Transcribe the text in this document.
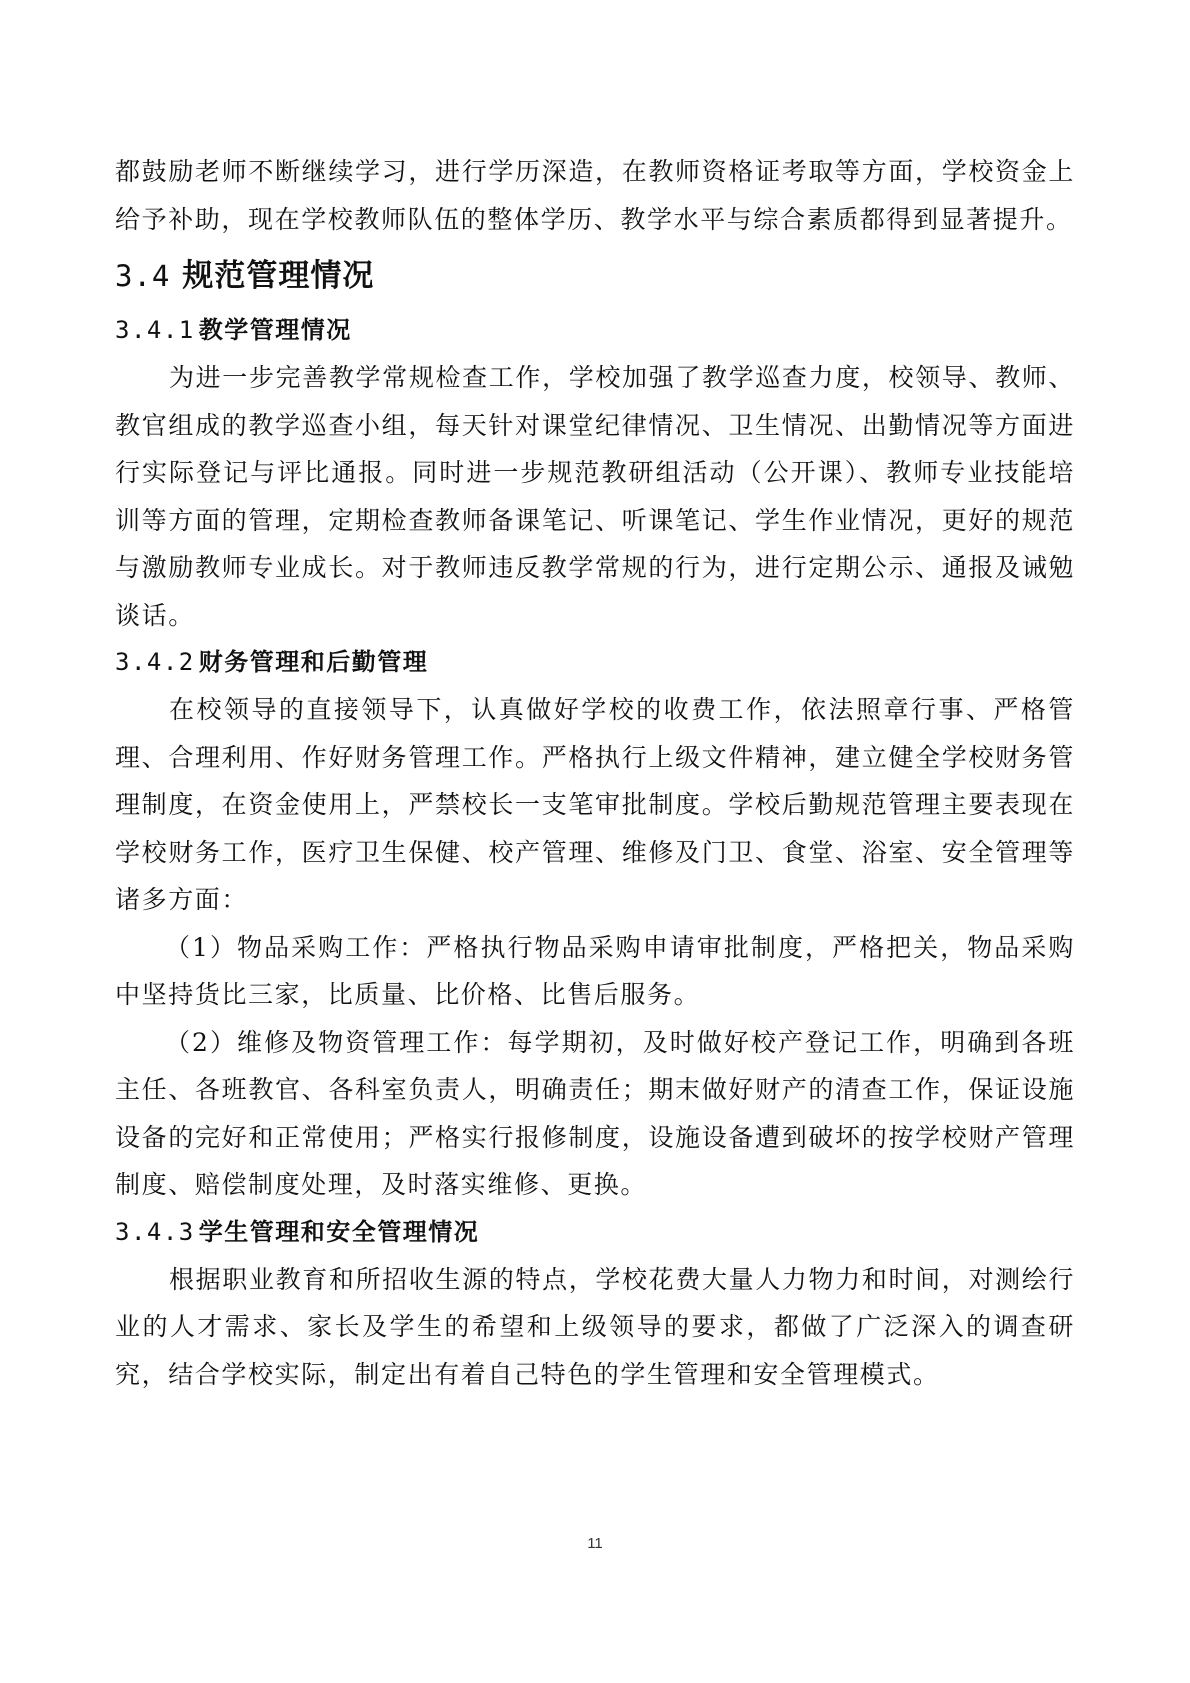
都鼓励老师不断继续学习，进行学历深造，在教师资格证考取等方面，学校资金上给予补助，现在学校教师队伍的整体学历、教学水平与综合素质都得到显著提升。

3.4 规范管理情况
3.4.1 教学管理情况

为进一步完善教学常规检查工作，学校加强了教学巡查力度，校领导、教师、教官组成的教学巡查小组，每天针对课堂纪律情况、卫生情况、出勤情况等方面进行实际登记与评比通报。同时进一步规范教研组活动（公开课）、教师专业技能培训等方面的管理，定期检查教师备课笔记、听课笔记、学生作业情况，更好的规范与激励教师专业成长。对于教师违反教学常规的行为，进行定期公示、通报及诫勉谈话。

3.4.2 财务管理和后勤管理

在校领导的直接领导下，认真做好学校的收费工作，依法照章行事、严格管理、合理利用、作好财务管理工作。严格执行上级文件精神，建立健全学校财务管理制度，在资金使用上，严禁校长一支笔审批制度。学校后勤规范管理主要表现在学校财务工作，医疗卫生保健、校产管理、维修及门卫、食堂、浴室、安全管理等诸多方面：

（1）物品采购工作：严格执行物品采购申请审批制度，严格把关，物品采购中坚持货比三家，比质量、比价格、比售后服务。

（2）维修及物资管理工作：每学期初，及时做好校产登记工作，明确到各班主任、各班教官、各科室负责人，明确责任；期末做好财产的清查工作，保证设施设备的完好和正常使用；严格实行报修制度，设施设备遭到破坏的按学校财产管理制度、赔偿制度处理，及时落实维修、更换。

3.4.3 学生管理和安全管理情况

根据职业教育和所招收生源的特点，学校花费大量人力物力和时间，对测绘行业的人才需求、家长及学生的希望和上级领导的要求，都做了广泛深入的调查研究，结合学校实际，制定出有着自己特色的学生管理和安全管理模式。

11
